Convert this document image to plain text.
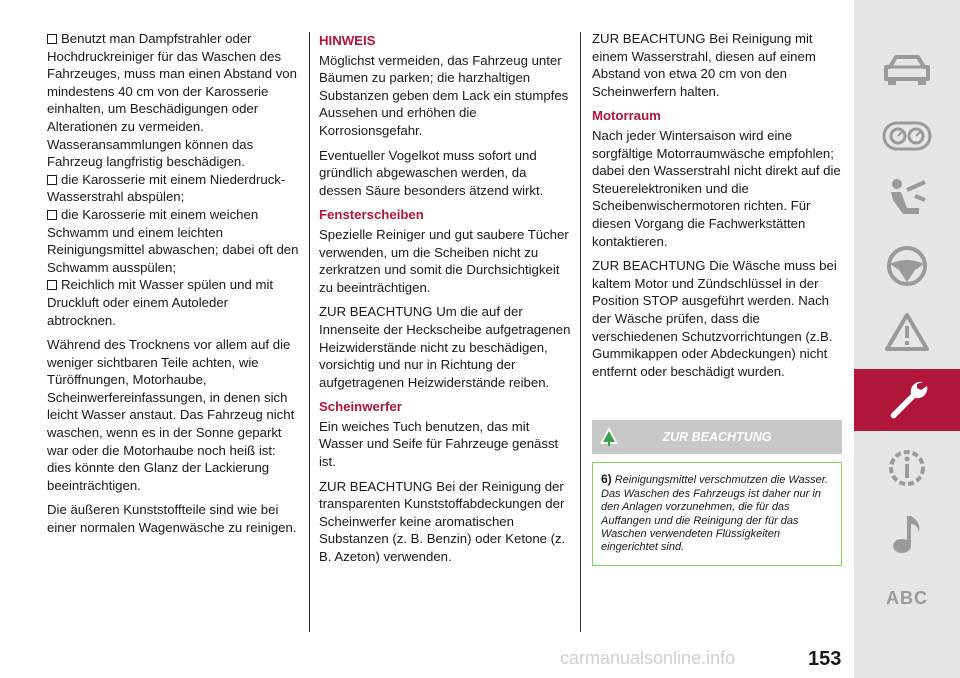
Benutzt man Dampfstrahler oder Hochdruckreiniger für das Waschen des Fahrzeuges, muss man einen Abstand von mindestens 40 cm von der Karosserie einhalten, um Beschädigungen oder Alterationen zu vermeiden. Wasseransammlungen können das Fahrzeug langfristig beschädigen.

die Karosserie mit einem Niederdruck-Wasserstrahl abspülen;

die Karosserie mit einem weichen Schwamm und einem leichten Reinigungsmittel abwaschen; dabei oft den Schwamm ausspülen;

Reichlich mit Wasser spülen und mit Druckluft oder einem Autoleder abtrocknen.

Während des Trocknens vor allem auf die weniger sichtbaren Teile achten, wie Türöffnungen, Motorhaube, Scheinwerfereinfassungen, in denen sich leicht Wasser anstaut. Das Fahrzeug nicht waschen, wenn es in der Sonne geparkt war oder die Motorhaube noch heiß ist: dies könnte den Glanz der Lackierung beeinträchtigen.

Die äußeren Kunststoffteile sind wie bei einer normalen Wagenwäsche zu reinigen.

HINWEIS

Möglichst vermeiden, das Fahrzeug unter Bäumen zu parken; die harzhaltigen Substanzen geben dem Lack ein stumpfes Aussehen und erhöhen die Korrosionsgefahr.

Eventueller Vogelkot muss sofort und gründlich abgewaschen werden, da dessen Säure besonders ätzend wirkt.

Fensterscheiben

Spezielle Reiniger und gut saubere Tücher verwenden, um die Scheiben nicht zu zerkratzen und somit die Durchsichtigkeit zu beeinträchtigen.

ZUR BEACHTUNG Um die auf der Innenseite der Heckscheibe aufgetragenen Heizwiderstände nicht zu beschädigen, vorsichtig und nur in Richtung der aufgetragenen Heizwiderstände reiben.

Scheinwerfer

Ein weiches Tuch benutzen, das mit Wasser und Seife für Fahrzeuge genässt ist.

ZUR BEACHTUNG Bei der Reinigung der transparenten Kunststoffabdeckungen der Scheinwerfer keine aromatischen Substanzen (z. B. Benzin) oder Ketone (z. B. Azeton) verwenden.

ZUR BEACHTUNG Bei Reinigung mit einem Wasserstrahl, diesen auf einem Abstand von etwa 20 cm von den Scheinwerfern halten.

Motorraum

Nach jeder Wintersaison wird eine sorgfältige Motorraumwäsche empfohlen; dabei den Wasserstrahl nicht direkt auf die Steuerelektroniken und die Scheibenwischermotoren richten. Für diesen Vorgang die Fachwerkstätten kontaktieren.

ZUR BEACHTUNG Die Wäsche muss bei kaltem Motor und Zündschlüssel in der Position STOP ausgeführt werden. Nach der Wäsche prüfen, dass die verschiedenen Schutzvorrichtungen (z.B. Gummikappen oder Abdeckungen) nicht entfernt oder beschädigt wurden.

ZUR BEACHTUNG
6) Reinigungsmittel verschmutzen die Wasser. Das Waschen des Fahrzeugs ist daher nur in den Anlagen vorzunehmen, die für das Auffangen und die Reinigung der für das Waschen verwendeten Flüssigkeiten eingerichtet sind.
ABC
carmanualsonline.info	153
